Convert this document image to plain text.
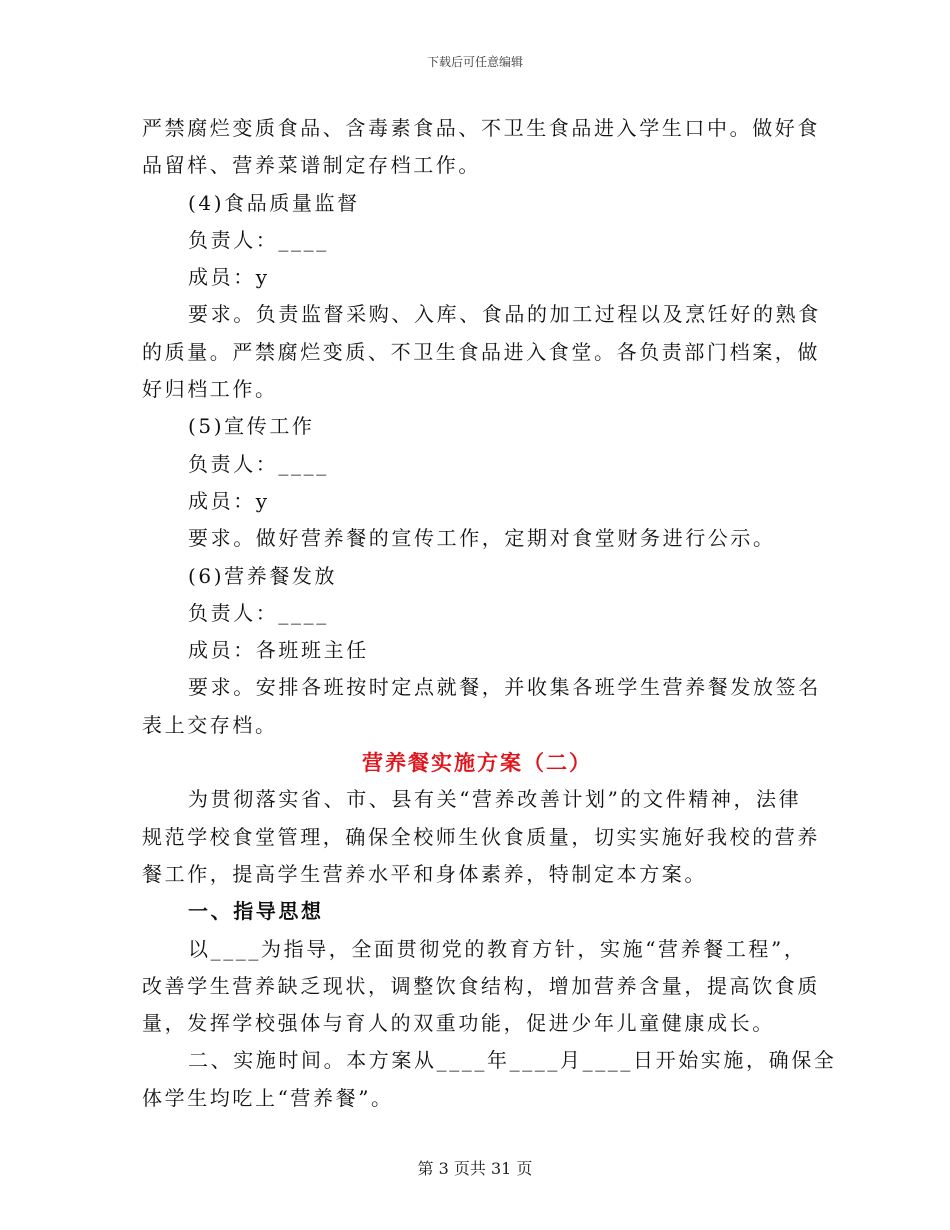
下载后可任意编辑
严禁腐烂变质食品、含毒素食品、不卫生食品进入学生口中。做好食
品留样、营养菜谱制定存档工作。
(4)食品质量监督
负责人：____
成员：y
要求。负责监督采购、入库、食品的加工过程以及烹饪好的熟食
的质量。严禁腐烂变质、不卫生食品进入食堂。各负责部门档案，做
好归档工作。
(5)宣传工作
负责人：____
成员：y
要求。做好营养餐的宣传工作，定期对食堂财务进行公示。
(6)营养餐发放
负责人：____
成员：各班班主任
要求。安排各班按时定点就餐，并收集各班学生营养餐发放签名
表上交存档。
营养餐实施方案（二）
为贯彻落实省、市、县有关“营养改善计划”的文件精神，法律
规范学校食堂管理，确保全校师生伙食质量，切实实施好我校的营养
餐工作，提高学生营养水平和身体素养，特制定本方案。
一、指导思想
以____为指导，全面贯彻党的教育方针，实施“营养餐工程”，
改善学生营养缺乏现状，调整饮食结构，增加营养含量，提高饮食质
量，发挥学校强体与育人的双重功能，促进少年儿童健康成长。
二、实施时间。本方案从____年____月____日开始实施，确保全
体学生均吃上“营养餐”。
第 3 页共 31 页
